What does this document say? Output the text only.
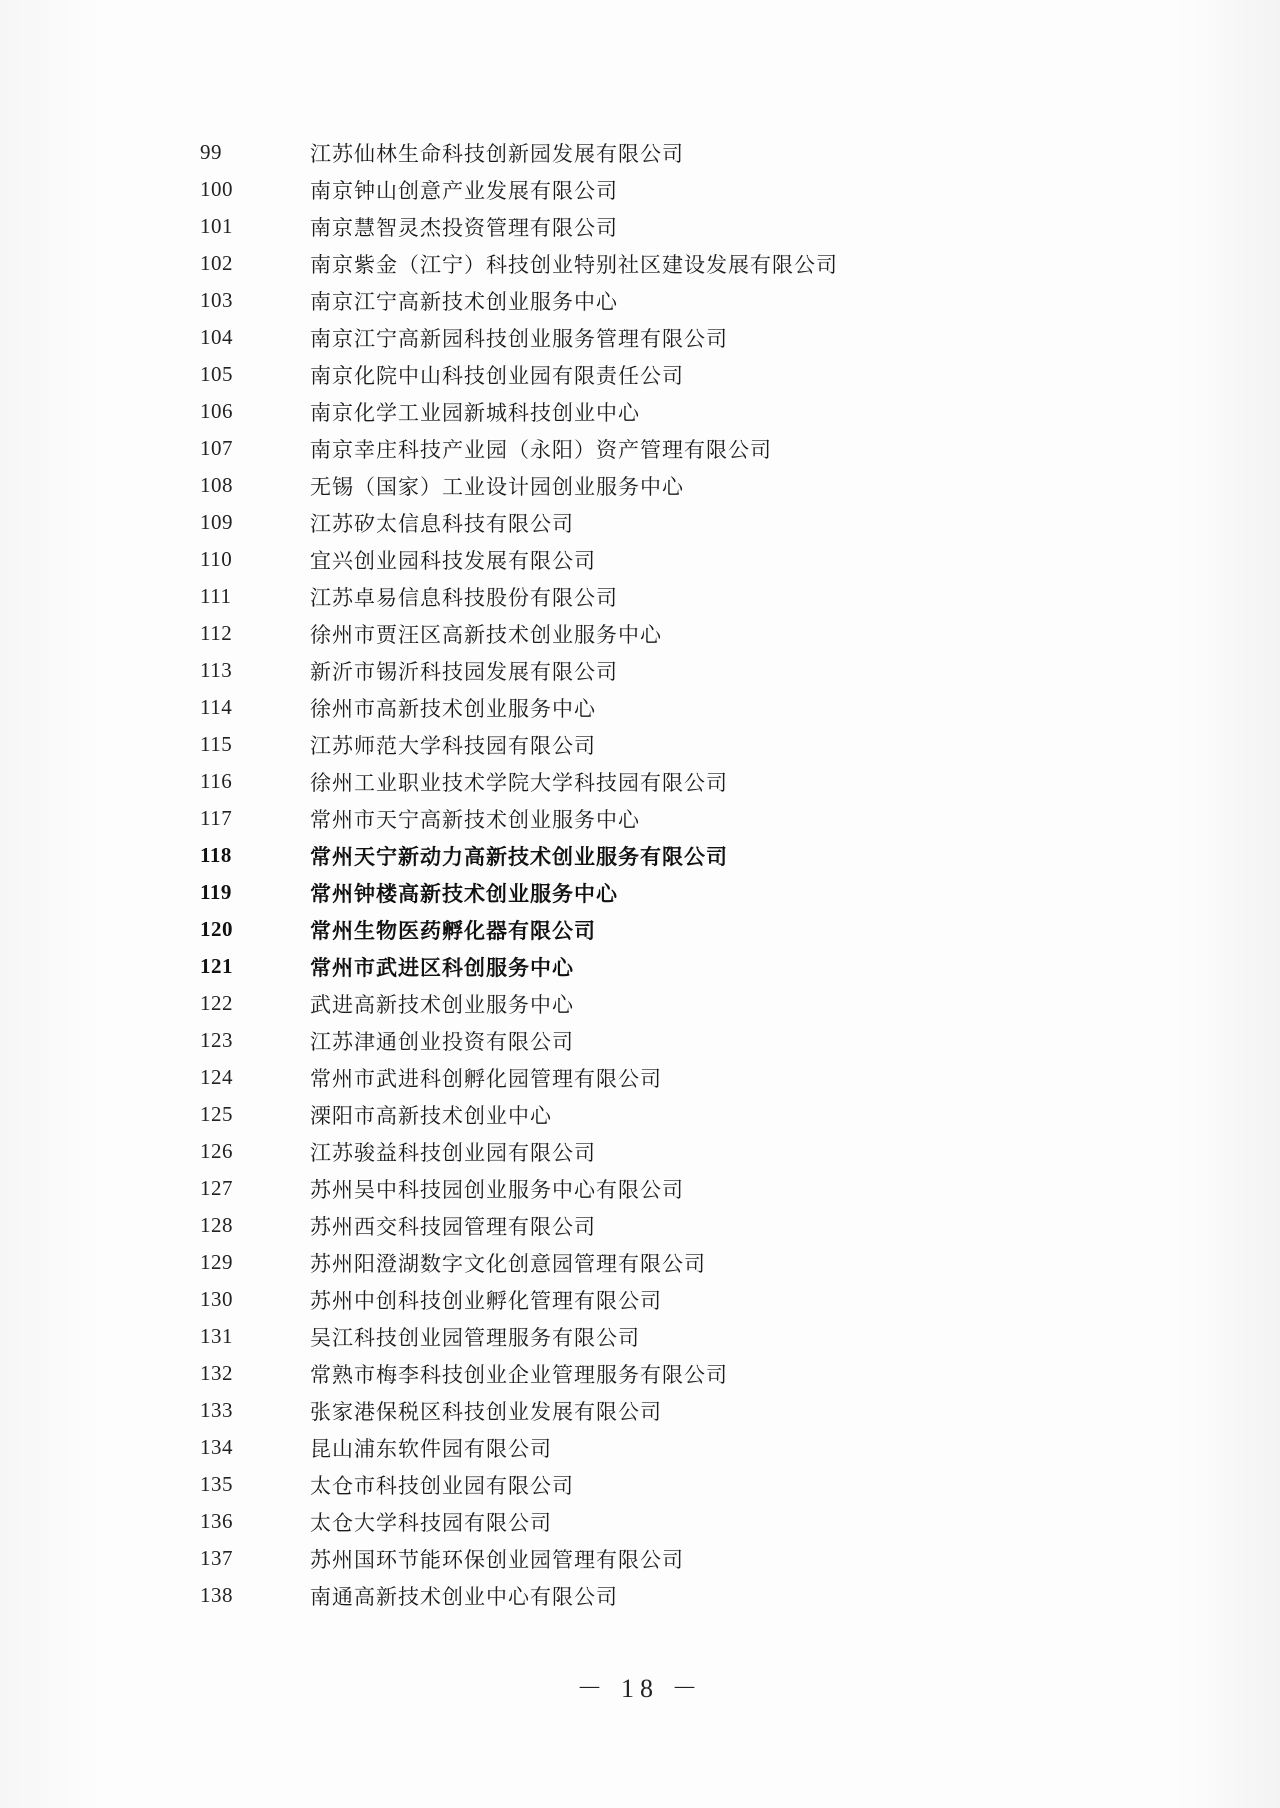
99	江苏仙林生命科技创新园发展有限公司
100	南京钟山创意产业发展有限公司
101	南京慧智灵杰投资管理有限公司
102	南京紫金（江宁）科技创业特别社区建设发展有限公司
103	南京江宁高新技术创业服务中心
104	南京江宁高新园科技创业服务管理有限公司
105	南京化院中山科技创业园有限责任公司
106	南京化学工业园新城科技创业中心
107	南京幸庄科技产业园（永阳）资产管理有限公司
108	无锡（国家）工业设计园创业服务中心
109	江苏矽太信息科技有限公司
110	宜兴创业园科技发展有限公司
111	江苏卓易信息科技股份有限公司
112	徐州市贾汪区高新技术创业服务中心
113	新沂市锡沂科技园发展有限公司
114	徐州市高新技术创业服务中心
115	江苏师范大学科技园有限公司
116	徐州工业职业技术学院大学科技园有限公司
117	常州市天宁高新技术创业服务中心
118	常州天宁新动力高新技术创业服务有限公司
119	常州钟楼高新技术创业服务中心
120	常州生物医药孵化器有限公司
121	常州市武进区科创服务中心
122	武进高新技术创业服务中心
123	江苏津通创业投资有限公司
124	常州市武进科创孵化园管理有限公司
125	溧阳市高新技术创业中心
126	江苏骏益科技创业园有限公司
127	苏州吴中科技园创业服务中心有限公司
128	苏州西交科技园管理有限公司
129	苏州阳澄湖数字文化创意园管理有限公司
130	苏州中创科技创业孵化管理有限公司
131	吴江科技创业园管理服务有限公司
132	常熟市梅李科技创业企业管理服务有限公司
133	张家港保税区科技创业发展有限公司
134	昆山浦东软件园有限公司
135	太仓市科技创业园有限公司
136	太仓大学科技园有限公司
137	苏州国环节能环保创业园管理有限公司
138	南通高新技术创业中心有限公司
－ 18 －
